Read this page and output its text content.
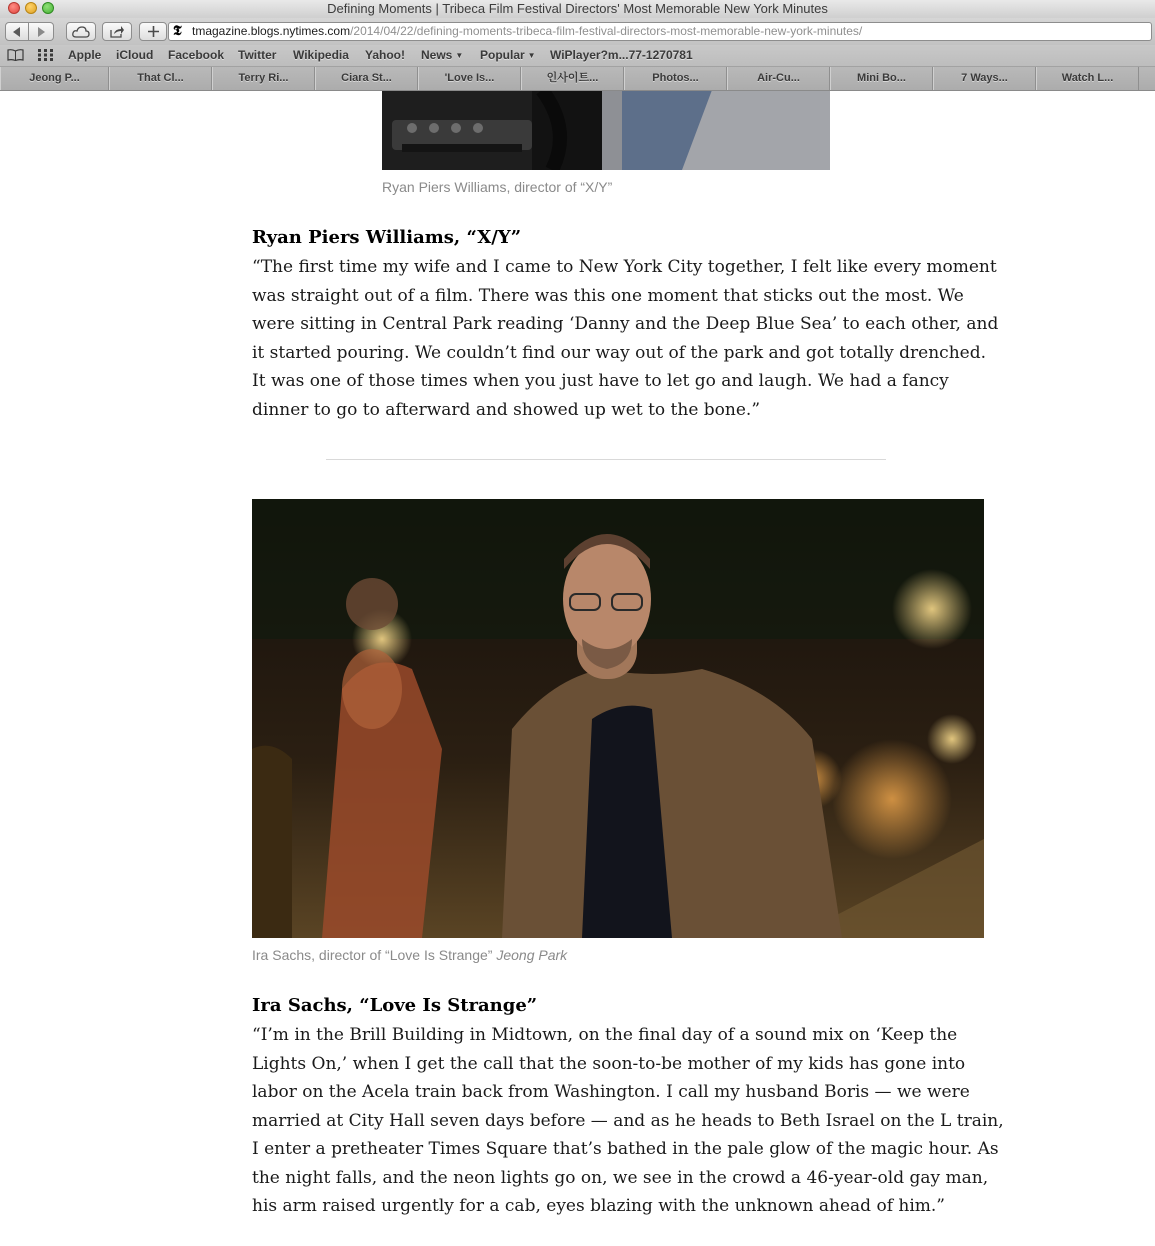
Defining Moments | Tribeca Film Festival Directors' Most Memorable New York Minutes
𝕿 tmagazine.blogs.nytimes.com/2014/04/22/defining-moments-tribeca-film-festival-directors-most-memorable-new-york-minutes/
Apple iCloud Facebook Twitter Wikipedia Yahoo! News ▼ Popular ▼ WiPlayer?m...77-1270781
Jeong P...	That Cl...	Terry Ri...	Ciara St...	'Love Is...	인사이트...	Photos...	Air-Cu...	Mini Bo...	7 Ways...	Watch L...
Ryan Piers Williams, director of “X/Y”
Ryan Piers Williams, “X/Y”
“The first time my wife and I came to New York City together, I felt like every moment
was straight out of a film. There was this one moment that sticks out the most. We
were sitting in Central Park reading ‘Danny and the Deep Blue Sea’ to each other, and
it started pouring. We couldn’t find our way out of the park and got totally drenched.
It was one of those times when you just have to let go and laugh. We had a fancy
dinner to go to afterward and showed up wet to the bone.”
Ira Sachs, director of “Love Is Strange” Jeong Park
Ira Sachs, “Love Is Strange”
“I’m in the Brill Building in Midtown, on the final day of a sound mix on ‘Keep the
Lights On,’ when I get the call that the soon-to-be mother of my kids has gone into
labor on the Acela train back from Washington. I call my husband Boris — we were
married at City Hall seven days before — and as he heads to Beth Israel on the L train,
I enter a pretheater Times Square that’s bathed in the pale glow of the magic hour. As
the night falls, and the neon lights go on, we see in the crowd a 46-year-old gay man,
his arm raised urgently for a cab, eyes blazing with the unknown ahead of him.”
